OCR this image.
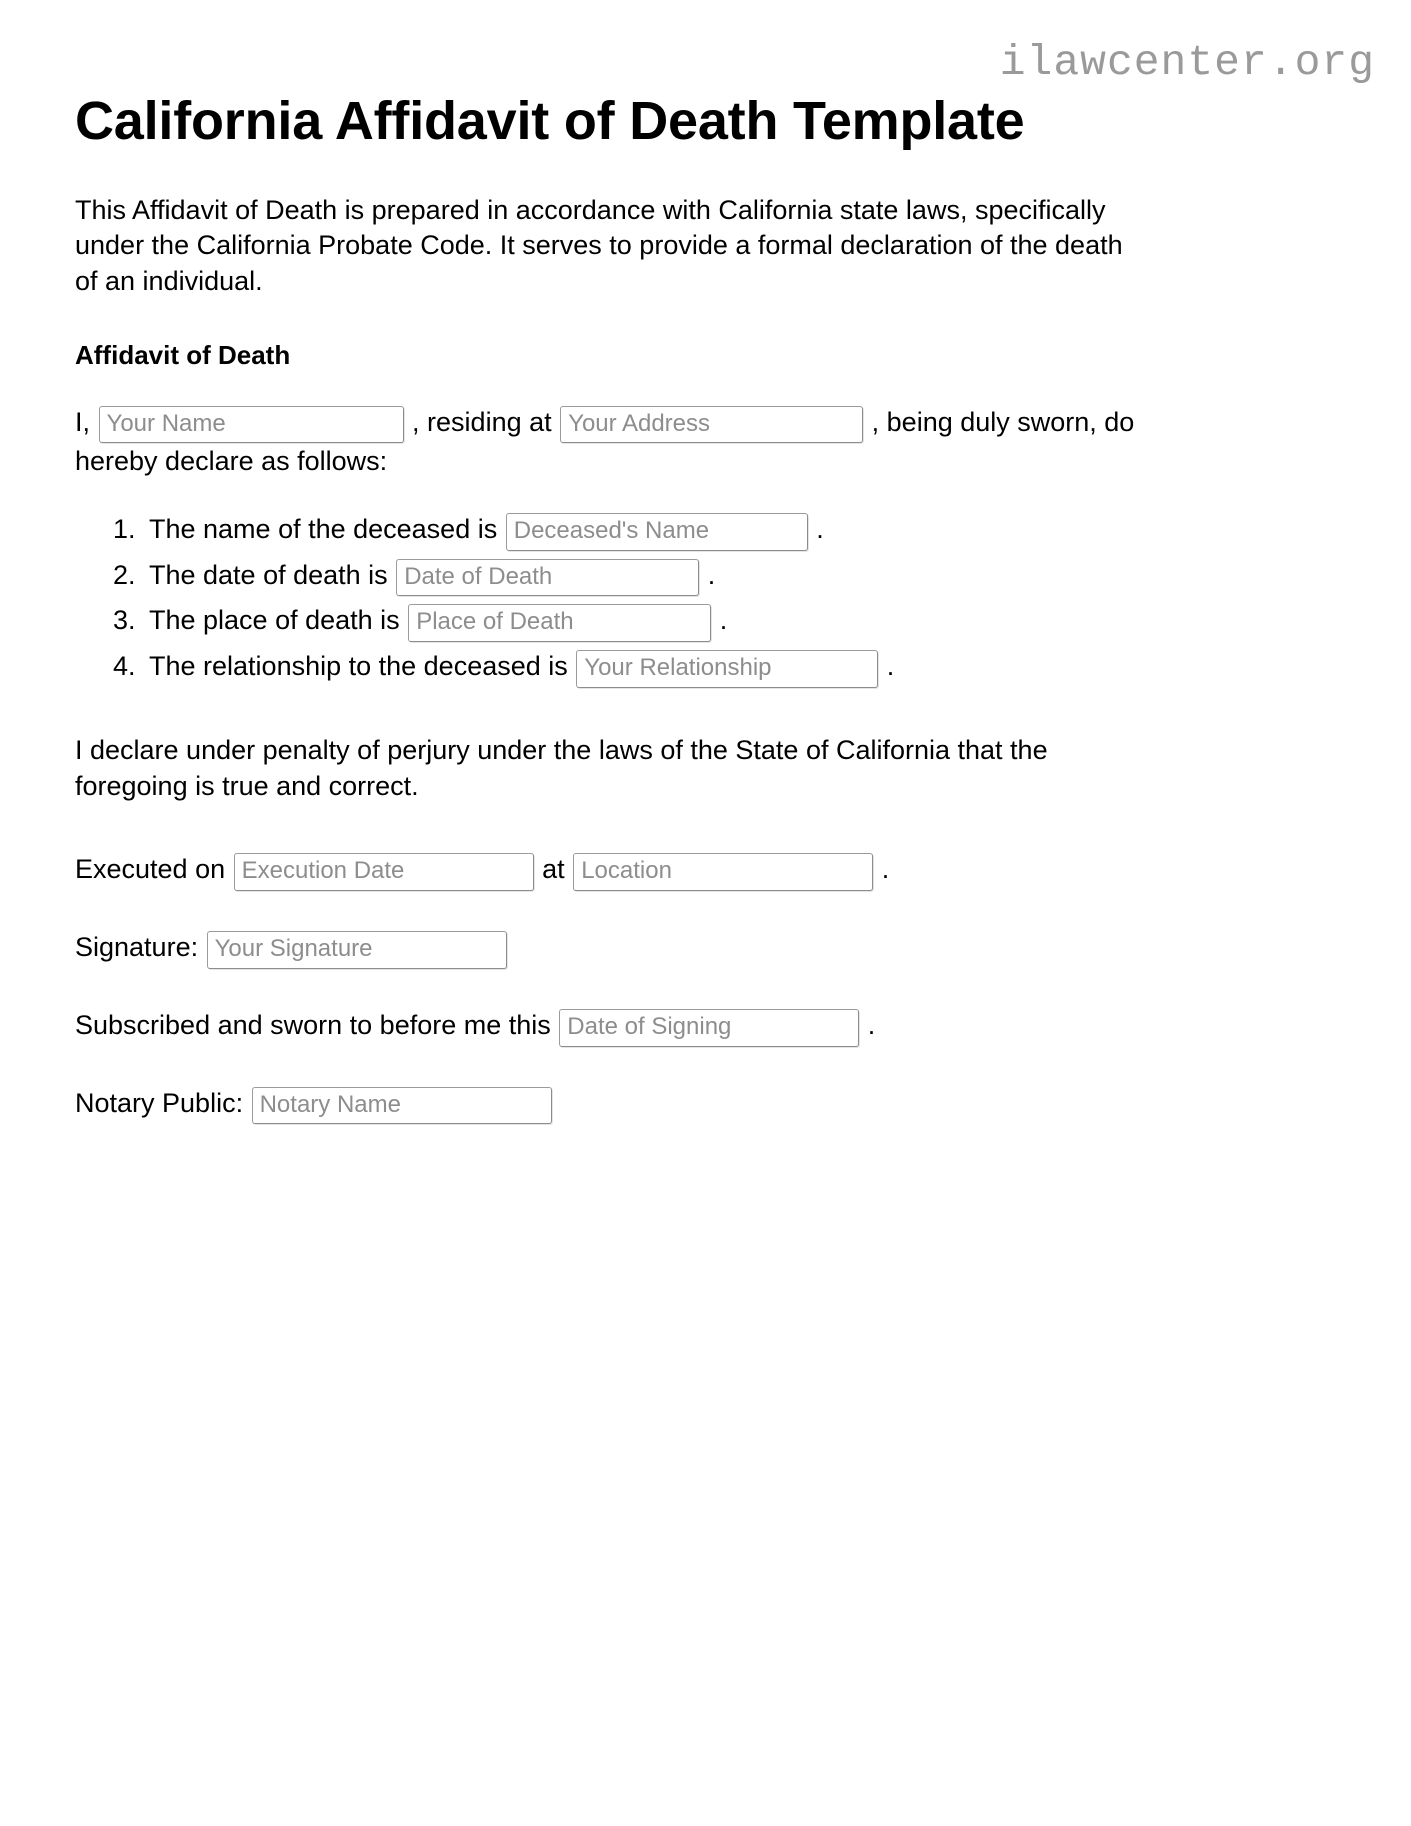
ilawcenter.org
California Affidavit of Death Template

This Affidavit of Death is prepared in accordance with California state laws, specifically under the California Probate Code. It serves to provide a formal declaration of the death of an individual.

Affidavit of Death

I, Your Name	, residing at Your Address	, being duly sworn, do hereby declare as follows:

1. The name of the deceased is Deceased's Name	.
2. The date of death is Date of Death	.
3. The place of death is Place of Death	.
4. The relationship to the deceased is Your Relationship	.

I declare under penalty of perjury under the laws of the State of California that the foregoing is true and correct.

Executed on Execution Date	at Location	.

Signature: Your Signature

Subscribed and sworn to before me this Date of Signing	.

Notary Public: Notary Name
